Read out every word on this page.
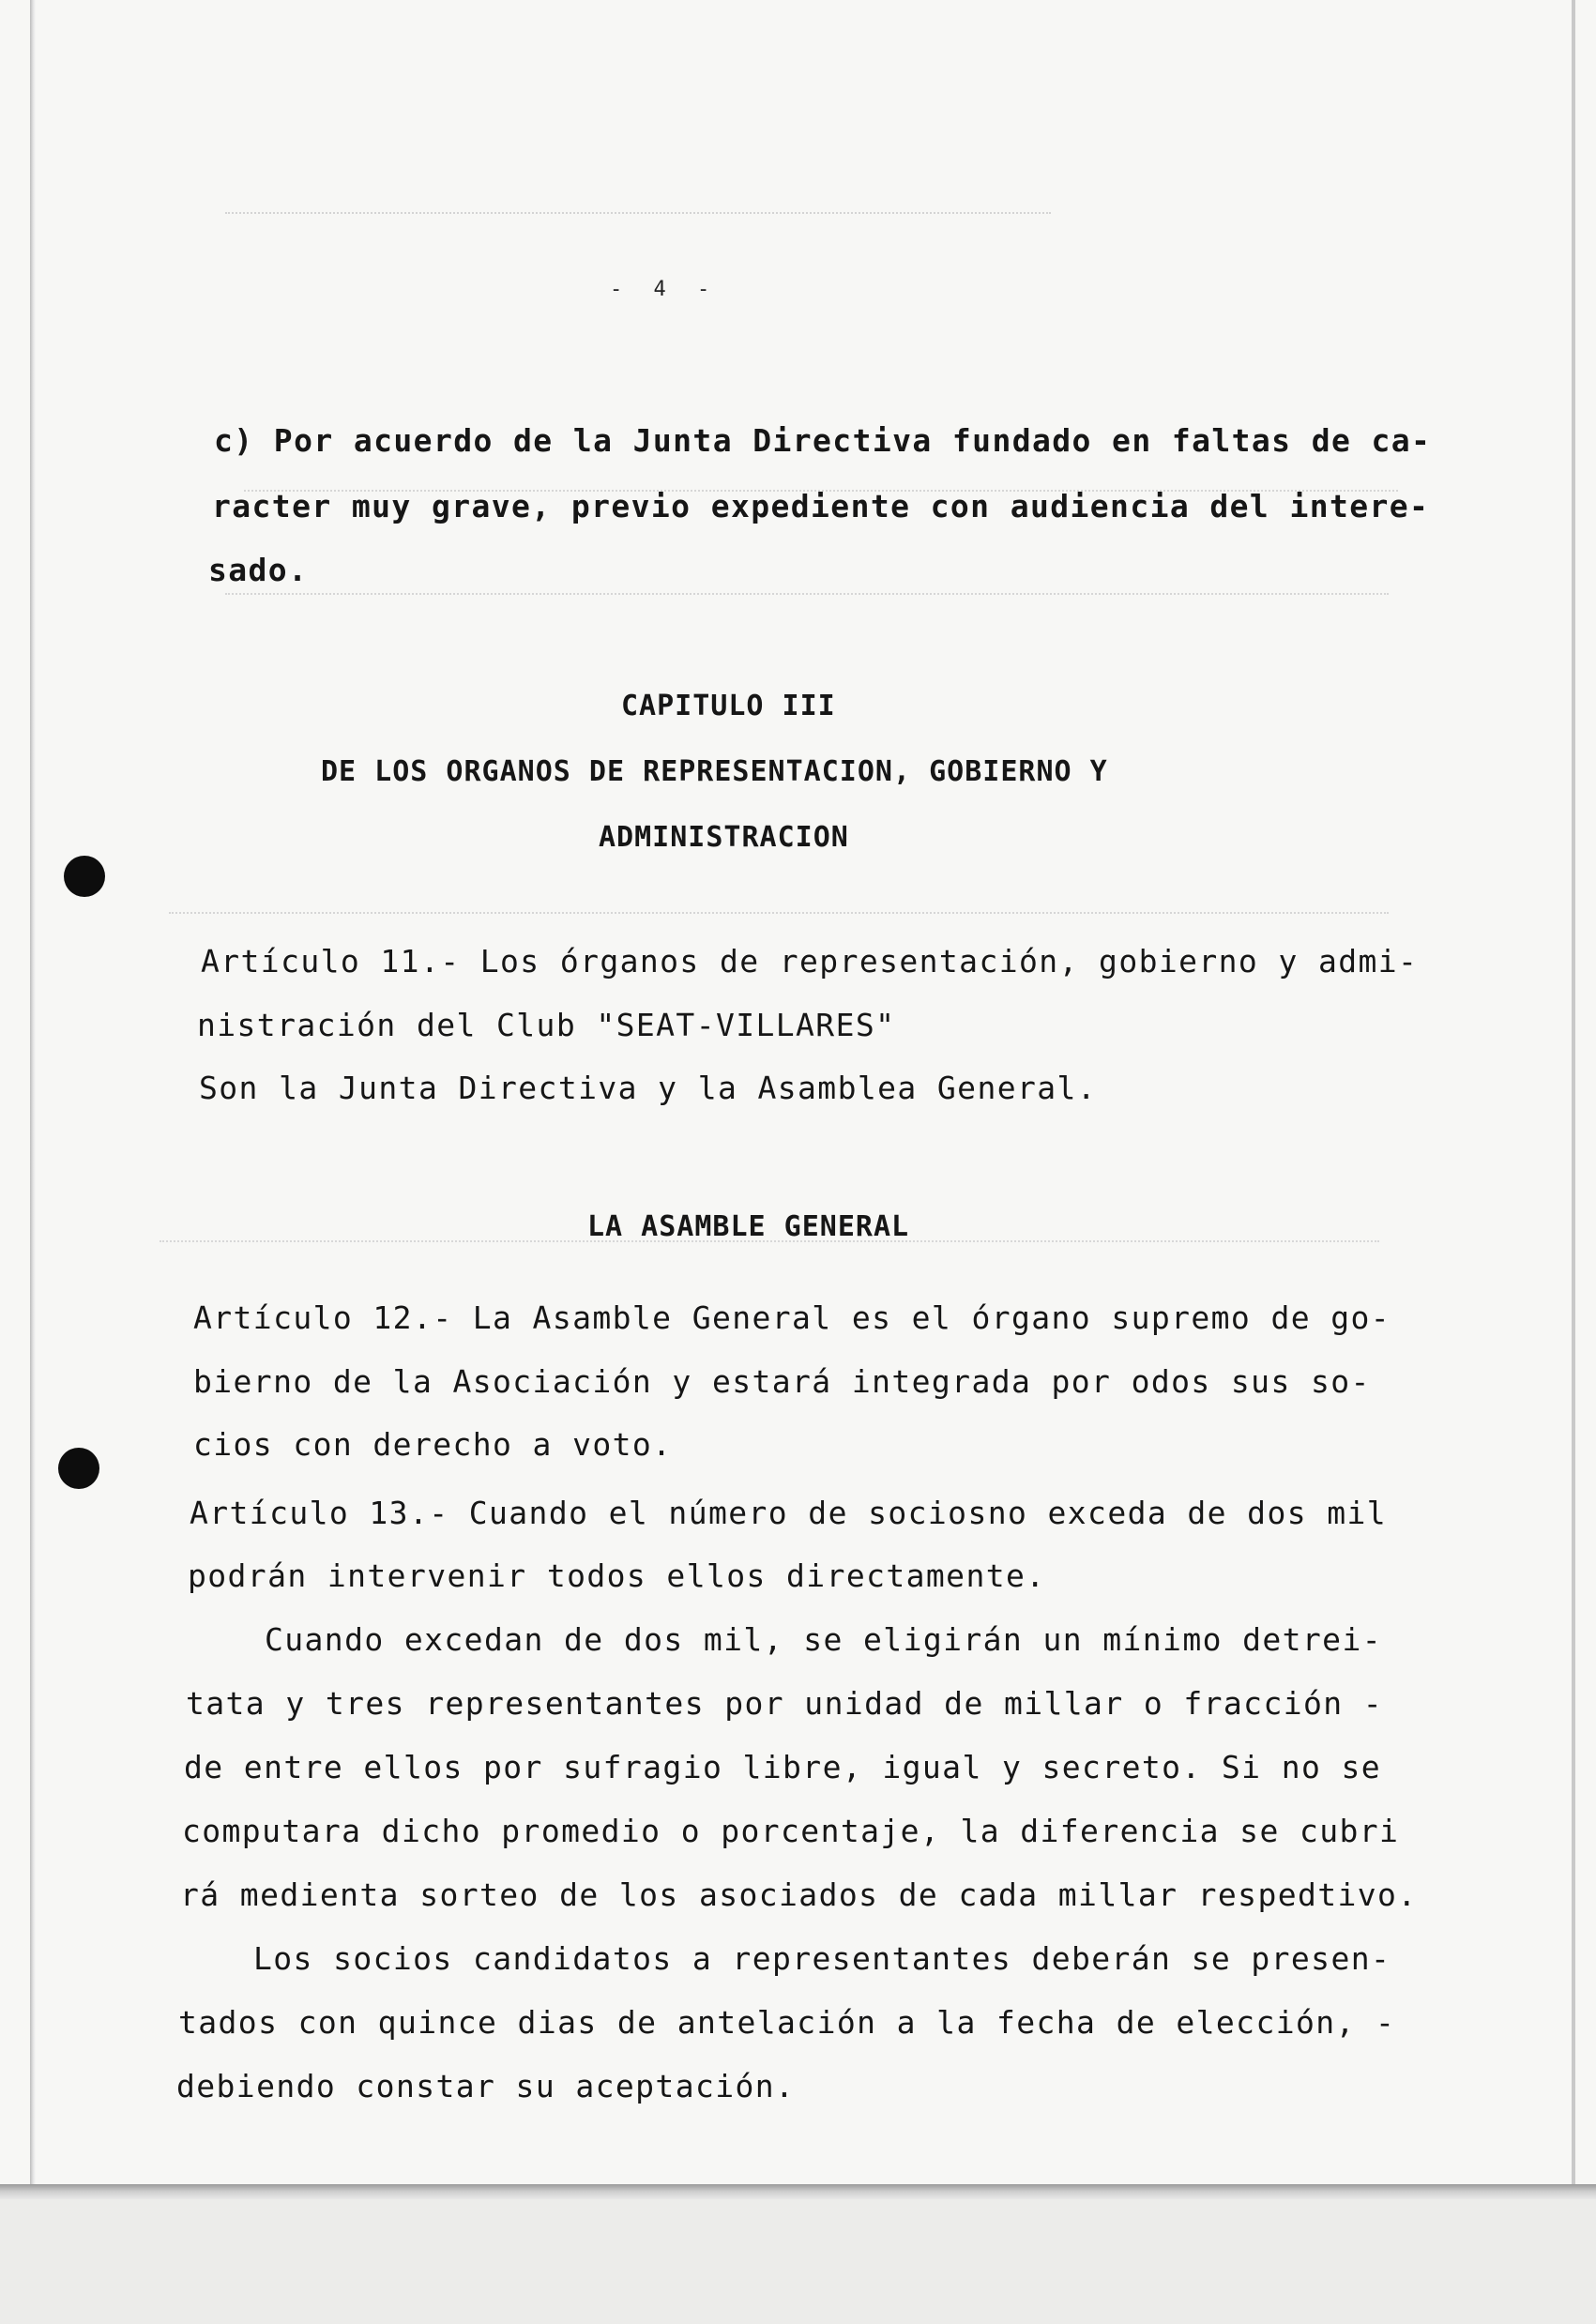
- 4 -
c) Por acuerdo de la Junta Directiva fundado en faltas de ca-
racter muy grave, previo expediente con audiencia del intere-
sado.
CAPITULO III
DE LOS ORGANOS DE REPRESENTACION, GOBIERNO Y
ADMINISTRACION
Artículo 11.- Los órganos de representación, gobierno y admi-
nistración del Club "SEAT-VILLARES"
Son la Junta Directiva y la Asamblea General.
LA ASAMBLE GENERAL
Artículo 12.- La Asamble General es el órgano supremo de go-
bierno de la Asociación y estará integrada por odos sus so-
cios con derecho a voto.
Artículo 13.- Cuando el número de sociosno exceda de dos mil
podrán intervenir todos ellos directamente.
Cuando excedan de dos mil, se eligirán un mínimo detrei-
tata y tres representantes por unidad de millar o fracción -
de entre ellos por sufragio libre, igual y secreto. Si no se
computara dicho promedio o porcentaje, la diferencia se cubri
rá medienta sorteo de los asociados de cada millar respedtivo.
Los socios candidatos a representantes deberán se presen-
tados con quince dias de antelación a la fecha de elección, -
debiendo constar su aceptación.
